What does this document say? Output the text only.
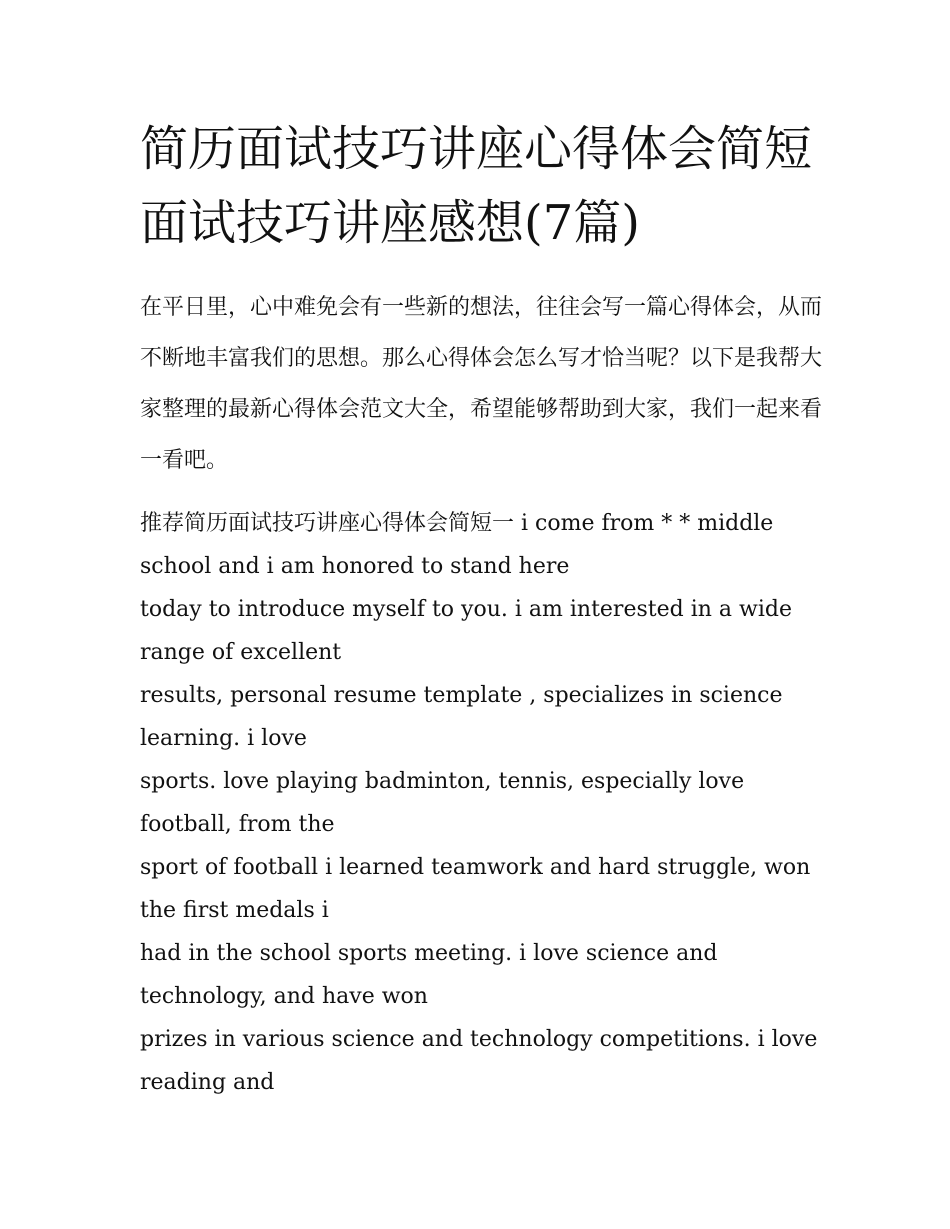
简历面试技巧讲座心得体会简短 面试技巧讲座感想(7篇)

在平日里，心中难免会有一些新的想法，往往会写一篇心得体会，从而不断地丰富我们的思想。那么心得体会怎么写才恰当呢？以下是我帮大家整理的最新心得体会范文大全，希望能够帮助到大家，我们一起来看一看吧。

推荐简历面试技巧讲座心得体会简短一 i come from * * middle school and i am honored to stand here
today to introduce myself to you. i am interested in a wide range of excellent
results, personal resume template , specializes in science learning. i love
sports. love playing badminton, tennis, especially love football, from the
sport of football i learned teamwork and hard struggle, won the first medals i
had in the school sports meeting. i love science and technology, and have won
prizes in various science and technology competitions. i love reading and
